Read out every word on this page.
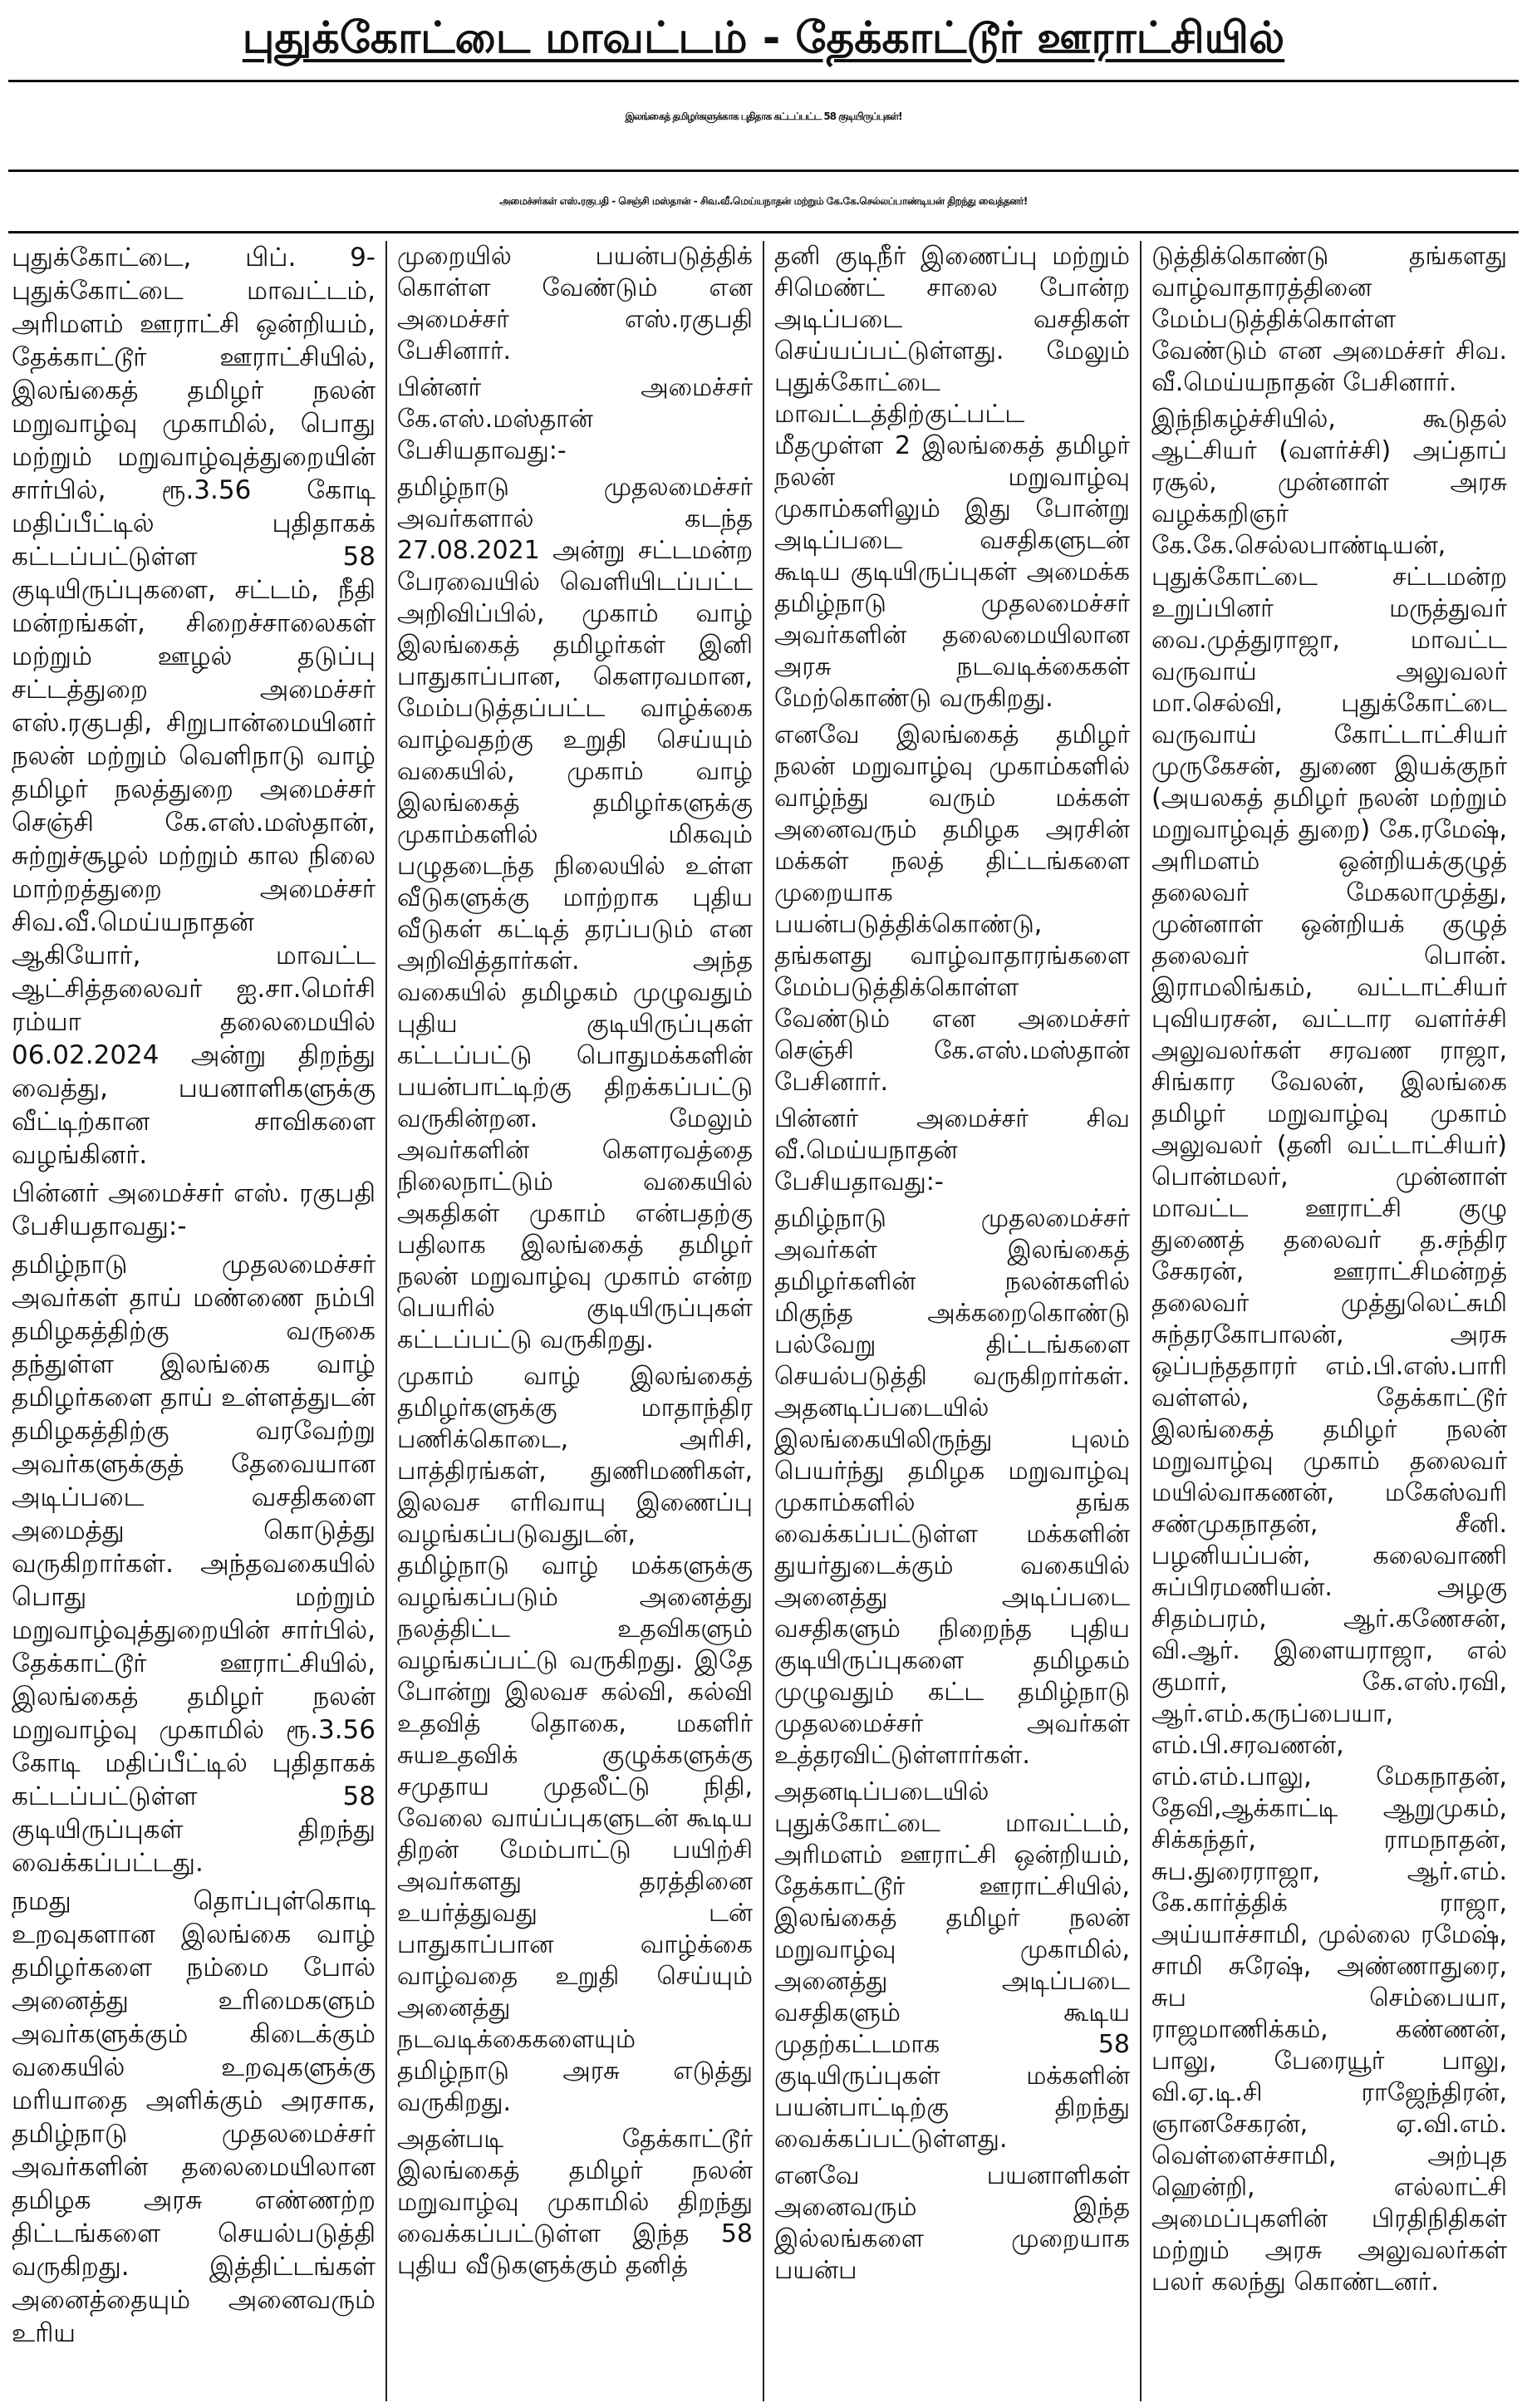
புதுக்கோட்டை மாவட்டம் - தேக்காட்டூர் ஊராட்சியில்
இலங்கைத் தமிழர்களுக்காக புதிதாக கட்டப்பட்ட 58 குடியிருப்புகள்!
அமைச்சர்கள் எஸ்.ரகுபதி - செஞ்சி மஸ்தான் - சிவ.வீ.மெய்யநாதன் மற்றும் கே.கே.செல்லப்பாண்டியன் திறந்து வைத்தனர்!

புதுக்கோட்டை, பிப். 9- புதுக்கோட்டை மாவட்டம், அரிமளம் ஊராட்சி ஒன்றியம், தேக்காட்டூர் ஊராட்சியில், இலங்கைத் தமிழர் நலன் மறுவாழ்வு முகாமில், பொது மற்றும் மறுவாழ்வுத்துறையின் சார்பில், ரூ.3.56 கோடி மதிப்பீட்டில் புதிதாகக் கட்டப்பட்டுள்ள 58 குடியிருப்புகளை, சட்டம், நீதி மன்றங்கள், சிறைச்சாலைகள் மற்றும் ஊழல் தடுப்பு சட்டத்துறை அமைச்சர் எஸ்.ரகுபதி, சிறுபான்மையினர் நலன் மற்றும் வெளிநாடு வாழ் தமிழர் நலத்துறை அமைச்சர் செஞ்சி கே.எஸ்.மஸ்தான், சுற்றுச்சூழல் மற்றும் கால நிலை மாற்றத்துறை அமைச்சர் சிவ.வீ.மெய்யநாதன் ஆகியோர், மாவட்ட ஆட்சித்தலைவர் ஐ.சா.மெர்சி ரம்யா தலைமையில் 06.02.2024 அன்று திறந்து வைத்து, பயனாளிகளுக்கு வீட்டிற்கான சாவிகளை வழங்கினர்.

பின்னர் அமைச்சர் எஸ். ரகுபதி பேசியதாவது:-

தமிழ்நாடு முதலமைச்சர் அவர்கள் தாய் மண்ணை நம்பி தமிழகத்திற்கு வருகை தந்துள்ள இலங்கை வாழ் தமிழர்களை தாய் உள்ளத்துடன் தமிழகத்திற்கு வரவேற்று அவர்களுக்குத் தேவையான அடிப்படை வசதிகளை அமைத்து கொடுத்து வருகிறார்கள். அந்தவகையில் பொது மற்றும் மறுவாழ்வுத்துறையின் சார்பில், தேக்காட்டூர் ஊராட்சியில், இலங்கைத் தமிழர் நலன் மறுவாழ்வு முகாமில் ரூ.3.56 கோடி மதிப்பீட்டில் புதிதாகக் கட்டப்பட்டுள்ள 58 குடியிருப்புகள் திறந்து வைக்கப்பட்டது.

நமது தொப்புள்கொடி உறவுகளான இலங்கை வாழ் தமிழர்களை நம்மை போல் அனைத்து உரிமைகளும் அவர்களுக்கும் கிடைக்கும் வகையில் உறவுகளுக்கு மரியாதை அளிக்கும் அரசாக, தமிழ்நாடு முதலமைச்சர் அவர்களின் தலைமையிலான தமிழக அரசு எண்ணற்ற திட்டங்களை செயல்படுத்தி வருகிறது. இத்திட்டங்கள் அனைத்தையும் அனைவரும் உரிய

முறையில் பயன்படுத்திக் கொள்ள வேண்டும் என அமைச்சர் எஸ்.ரகுபதி பேசினார்.

பின்னர் அமைச்சர் கே.எஸ்.மஸ்தான் பேசியதாவது:-

தமிழ்நாடு முதலமைச்சர் அவர்களால் கடந்த 27.08.2021 அன்று சட்டமன்ற பேரவையில் வெளியிடப்பட்ட அறிவிப்பில், முகாம் வாழ் இலங்கைத் தமிழர்கள் இனி பாதுகாப்பான, கௌரவமான, மேம்படுத்தப்பட்ட வாழ்க்கை வாழ்வதற்கு உறுதி செய்யும் வகையில், முகாம் வாழ் இலங்கைத் தமிழர்களுக்கு முகாம்களில் மிகவும் பழுதடைந்த நிலையில் உள்ள வீடுகளுக்கு மாற்றாக புதிய வீடுகள் கட்டித் தரப்படும் என அறிவித்தார்கள். அந்த வகையில் தமிழகம் முழுவதும் புதிய குடியிருப்புகள் கட்டப்பட்டு பொதுமக்களின் பயன்பாட்டிற்கு திறக்கப்பட்டு வருகின்றன. மேலும் அவர்களின் கௌரவத்தை நிலைநாட்டும் வகையில் அகதிகள் முகாம் என்பதற்கு பதிலாக இலங்கைத் தமிழர் நலன் மறுவாழ்வு முகாம் என்ற பெயரில் குடியிருப்புகள் கட்டப்பட்டு வருகிறது.

முகாம் வாழ் இலங்கைத் தமிழர்களுக்கு மாதாந்திர பணிக்கொடை, அரிசி, பாத்திரங்கள், துணிமணிகள், இலவச எரிவாயு இணைப்பு வழங்கப்படுவதுடன், தமிழ்நாடு வாழ் மக்களுக்கு வழங்கப்படும் அனைத்து நலத்திட்ட உதவிகளும் வழங்கப்பட்டு வருகிறது. இதே போன்று இலவச கல்வி, கல்வி உதவித் தொகை, மகளிர் சுயஉதவிக் குழுக்களுக்கு சமுதாய முதலீட்டு நிதி, வேலை வாய்ப்புகளுடன் கூடிய திறன் மேம்பாட்டு பயிற்சி அவர்களது தரத்தினை உயர்த்துவது டன் பாதுகாப்பான வாழ்க்கை வாழ்வதை உறுதி செய்யும் அனைத்து நடவடிக்கைகளையும் தமிழ்நாடு அரசு எடுத்து வருகிறது.

அதன்படி தேக்காட்டூர் இலங்கைத் தமிழர் நலன் மறுவாழ்வு முகாமில் திறந்து வைக்கப்பட்டுள்ள இந்த 58 புதிய வீடுகளுக்கும் தனித்

தனி குடிநீர் இணைப்பு மற்றும் சிமெண்ட் சாலை போன்ற அடிப்படை வசதிகள் செய்யப்பட்டுள்ளது. மேலும் புதுக்கோட்டை மாவட்டத்திற்குட்பட்ட மீதமுள்ள 2 இலங்கைத் தமிழர் நலன் மறுவாழ்வு முகாம்களிலும் இது போன்று அடிப்படை வசதிகளுடன் கூடிய குடியிருப்புகள் அமைக்க தமிழ்நாடு முதலமைச்சர் அவர்களின் தலைமையிலான அரசு நடவடிக்கைகள் மேற்கொண்டு வருகிறது.

எனவே இலங்கைத் தமிழர் நலன் மறுவாழ்வு முகாம்களில் வாழ்ந்து வரும் மக்கள் அனைவரும் தமிழக அரசின் மக்கள் நலத் திட்டங்களை முறையாக பயன்படுத்திக்கொண்டு, தங்களது வாழ்வாதாரங்களை மேம்படுத்திக்கொள்ள வேண்டும் என அமைச்சர் செஞ்சி கே.எஸ்.மஸ்தான் பேசினார்.

பின்னர் அமைச்சர் சிவ வீ.மெய்யநாதன் பேசியதாவது:-

தமிழ்நாடு முதலமைச்சர் அவர்கள் இலங்கைத் தமிழர்களின் நலன்களில் மிகுந்த அக்கறைகொண்டு பல்வேறு திட்டங்களை செயல்படுத்தி வருகிறார்கள். அதனடிப்படையில் இலங்கையிலிருந்து புலம் பெயர்ந்து தமிழக மறுவாழ்வு முகாம்களில் தங்க வைக்கப்பட்டுள்ள மக்களின் துயர்துடைக்கும் வகையில் அனைத்து அடிப்படை வசதிகளும் நிறைந்த புதிய குடியிருப்புகளை தமிழகம் முழுவதும் கட்ட தமிழ்நாடு முதலமைச்சர் அவர்கள் உத்தரவிட்டுள்ளார்கள்.

அதனடிப்படையில் புதுக்கோட்டை மாவட்டம், அரிமளம் ஊராட்சி ஒன்றியம், தேக்காட்டூர் ஊராட்சியில், இலங்கைத் தமிழர் நலன் மறுவாழ்வு முகாமில், அனைத்து அடிப்படை வசதிகளும் கூடிய முதற்கட்டமாக 58 குடியிருப்புகள் மக்களின் பயன்பாட்டிற்கு திறந்து வைக்கப்பட்டுள்ளது.

எனவே பயனாளிகள் அனைவரும் இந்த இல்லங்களை முறையாக பயன்ப

டுத்திக்கொண்டு தங்களது வாழ்வாதாரத்தினை மேம்படுத்திக்கொள்ள வேண்டும் என அமைச்சர் சிவ. வீ.மெய்யநாதன் பேசினார்.

இந்நிகழ்ச்சியில், கூடுதல் ஆட்சியர் (வளர்ச்சி) அப்தாப் ரசூல், முன்னாள் அரசு வழக்கறிஞர் கே.கே.செல்லபாண்டியன், புதுக்கோட்டை சட்டமன்ற உறுப்பினர் மருத்துவர் வை.முத்துராஜா, மாவட்ட வருவாய் அலுவலர் மா.செல்வி, புதுக்கோட்டை வருவாய் கோட்டாட்சியர் முருகேசன், துணை இயக்குநர் (அயலகத் தமிழர் நலன் மற்றும் மறுவாழ்வுத் துறை) கே.ரமேஷ், அரிமளம் ஒன்றியக்குழுத் தலைவர் மேகலாமுத்து, முன்னாள் ஒன்றியக் குழுத் தலைவர் பொன். இராமலிங்கம், வட்டாட்சியர் புவியரசன், வட்டார வளர்ச்சி அலுவலர்கள் சரவண ராஜா, சிங்கார வேலன், இலங்கை தமிழர் மறுவாழ்வு முகாம் அலுவலர் (தனி வட்டாட்சியர்) பொன்மலர், முன்னாள் மாவட்ட ஊராட்சி குழு துணைத் தலைவர் த.சந்திர சேகரன், ஊராட்சிமன்றத் தலைவர் முத்துலெட்சுமி சுந்தரகோபாலன், அரசு ஒப்பந்ததாரர் எம்.பி.எஸ்.பாரி வள்ளல், தேக்காட்டூர் இலங்கைத் தமிழர் நலன் மறுவாழ்வு முகாம் தலைவர் மயில்வாகணன், மகேஸ்வரி சண்முகநாதன், சீனி. பழனியப்பன், கலைவாணி சுப்பிரமணியன். அழகு சிதம்பரம், ஆர்.கணேசன், வி.ஆர். இளையராஜா, எல் குமார், கே.எஸ்.ரவி, ஆர்.எம்.கருப்பையா, எம்.பி.சரவணன், எம்.எம்.பாலு, மேகநாதன், தேவி,ஆக்காட்டி ஆறுமுகம், சிக்கந்தர், ராமநாதன், சுப.துரைராஜா, ஆர்.எம். கே.கார்த்திக் ராஜா, அய்யாச்சாமி, முல்லை ரமேஷ், சாமி சுரேஷ், அண்ணாதுரை, சுப செம்பையா, ராஜமாணிக்கம், கண்ணன், பாலு, பேரையூர் பாலு, வி.ஏ.டி.சி ராஜேந்திரன், ஞானசேகரன், ஏ.வி.எம். வெள்ளைச்சாமி, அற்புத ஹென்றி, எல்லாட்சி அமைப்புகளின் பிரதிநிதிகள் மற்றும் அரசு அலுவலர்கள் பலர் கலந்து கொண்டனர்.
